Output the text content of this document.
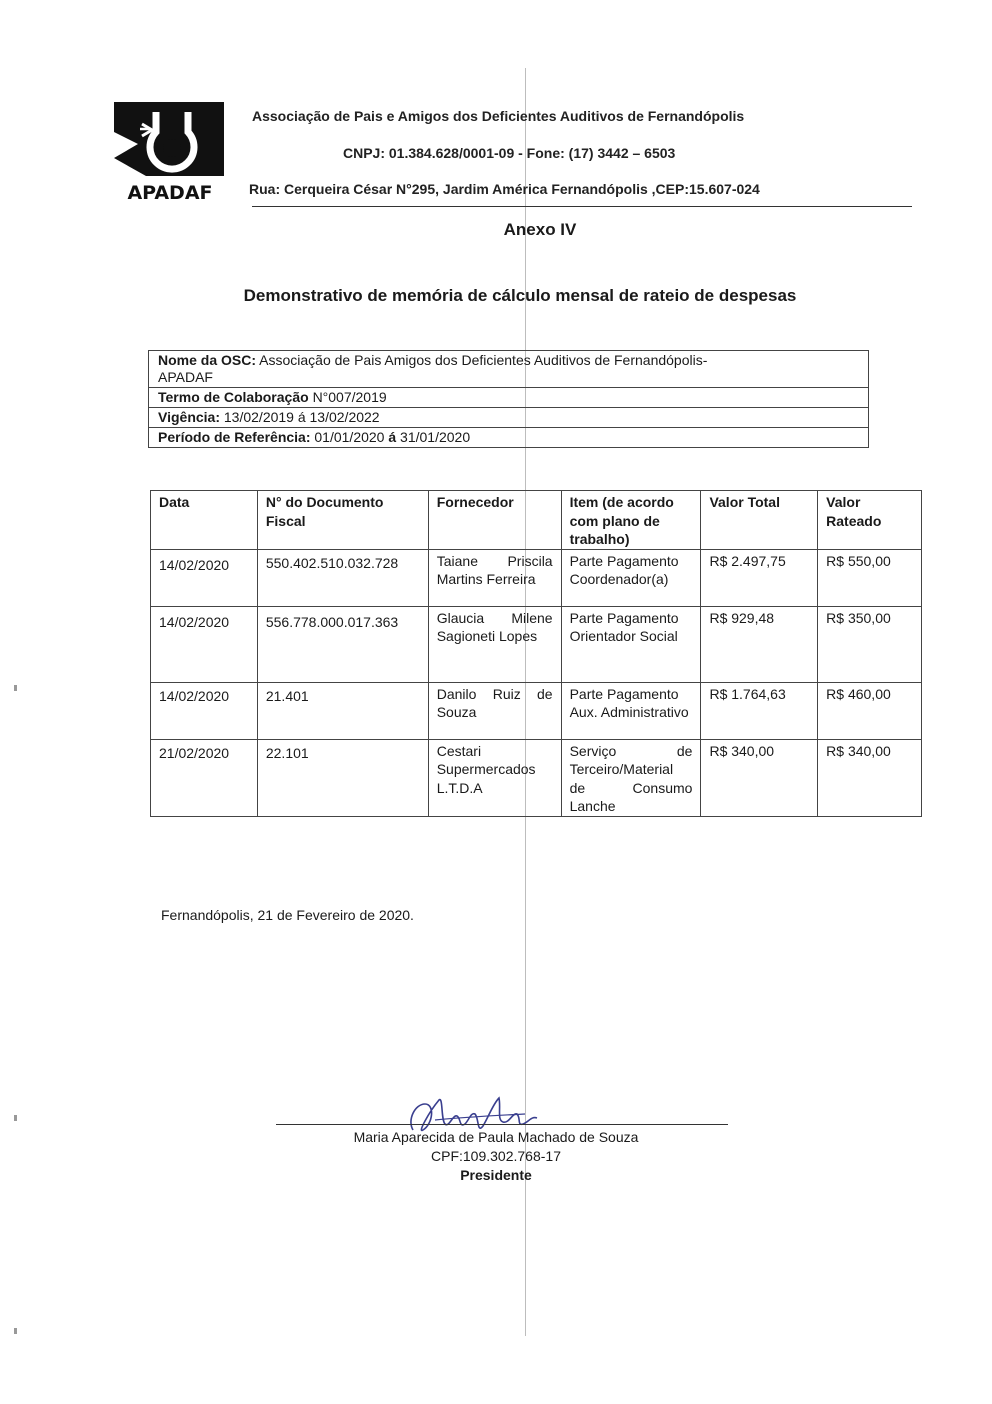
APADAF
Associação de Pais e Amigos dos Deficientes Auditivos de Fernandópolis
CNPJ: 01.384.628/0001-09 - Fone: (17) 3442 – 6503
Rua: Cerqueira César N°295, Jardim América Fernandópolis ,CEP:15.607-024
Anexo IV
Demonstrativo de memória de cálculo mensal de rateio de despesas
Nome da OSC: Associação de Pais Amigos dos Deficientes Auditivos de Fernandópolis-
APADAF
Termo de Colaboração N°007/2019
Vigência: 13/02/2019 á 13/02/2022
Período de Referência: 01/01/2020 á 31/01/2020
Data	N° do Documento Fiscal	Fornecedor	Item (de acordo com plano de trabalho)	Valor Total	Valor Rateado
14/02/2020	550.402.510.032.728	Taiane Priscila Martins Ferreira	Parte Pagamento Coordenador(a)	R$ 2.497,75	R$ 550,00
14/02/2020	556.778.000.017.363	Glaucia Milene Sagioneti Lopes	Parte Pagamento Orientador Social	R$ 929,48	R$ 350,00
14/02/2020	21.401	Danilo Ruiz de Souza	Parte Pagamento Aux. Administrativo	R$ 1.764,63	R$ 460,00
21/02/2020	22.101	Cestari Supermercados L.T.D.A	Serviço de Terceiro/Material de Consumo Lanche	R$ 340,00	R$ 340,00
Fernandópolis, 21 de Fevereiro de 2020.
Maria Aparecida de Paula Machado de Souza
CPF:109.302.768-17
Presidente
